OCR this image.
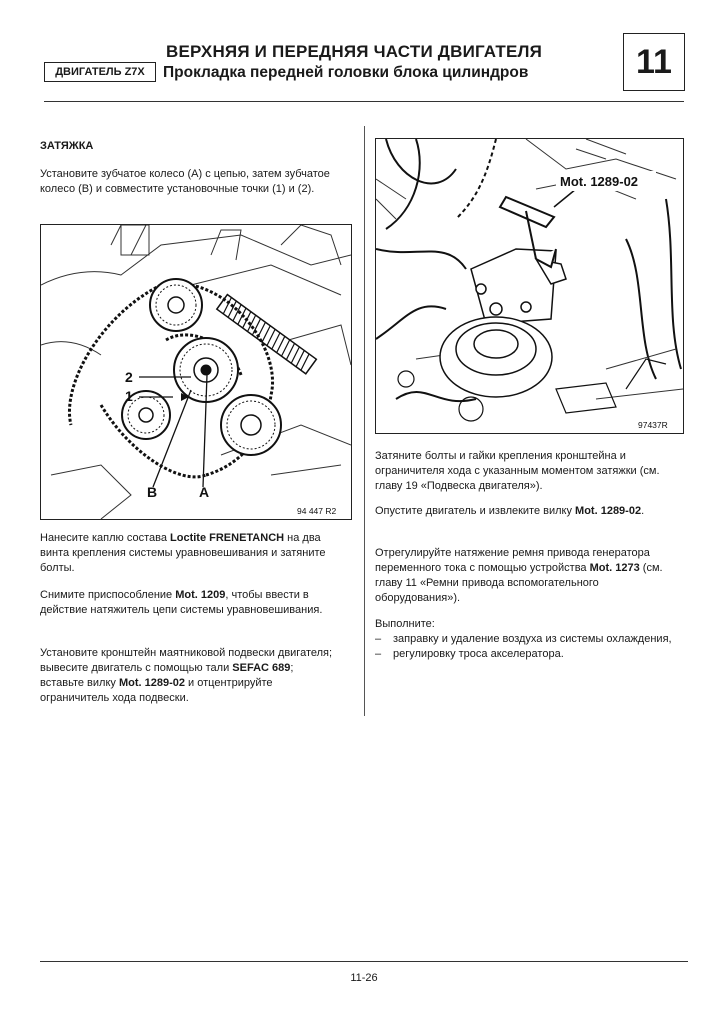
ВЕРХНЯЯ И ПЕРЕДНЯЯ ЧАСТИ ДВИГАТЕЛЯ
ДВИГАТЕЛЬ Z7X Прокладка передней головки блока цилиндров	11
ЗАТЯЖКА
Установите зубчатое колесо (А) с цепью, затем зубчатое колесо (В) и совместите установочные точки (1) и (2).
2
1
B	A
94 447 R2
Нанесите каплю состава Loctite FRENETANCH на два винта крепления системы уравновешивания и затяните болты.
Снимите приспособление Mot. 1209, чтобы ввести в действие натяжитель цепи системы уравновешивания.
Установите кронштейн маятниковой подвески двигателя; вывесите двигатель с помощью тали SEFAC 689; вставьте вилку Mot. 1289-02 и отцентрируйте ограничитель хода подвески.
Mot. 1289-02
97437R
Затяните болты и гайки крепления кронштейна и ограничителя хода с указанным моментом затяжки (см. главу 19 «Подвеска двигателя»).
Опустите двигатель и извлеките вилку Mot. 1289-02.
Отрегулируйте натяжение ремня привода генератора переменного тока с помощью устройства Mot. 1273 (см. главу 11 «Ремни привода вспомогательного оборудования»).
Выполните:
– заправку и удаление воздуха из системы охлаждения,
– регулировку троса акселератора.
11-26
